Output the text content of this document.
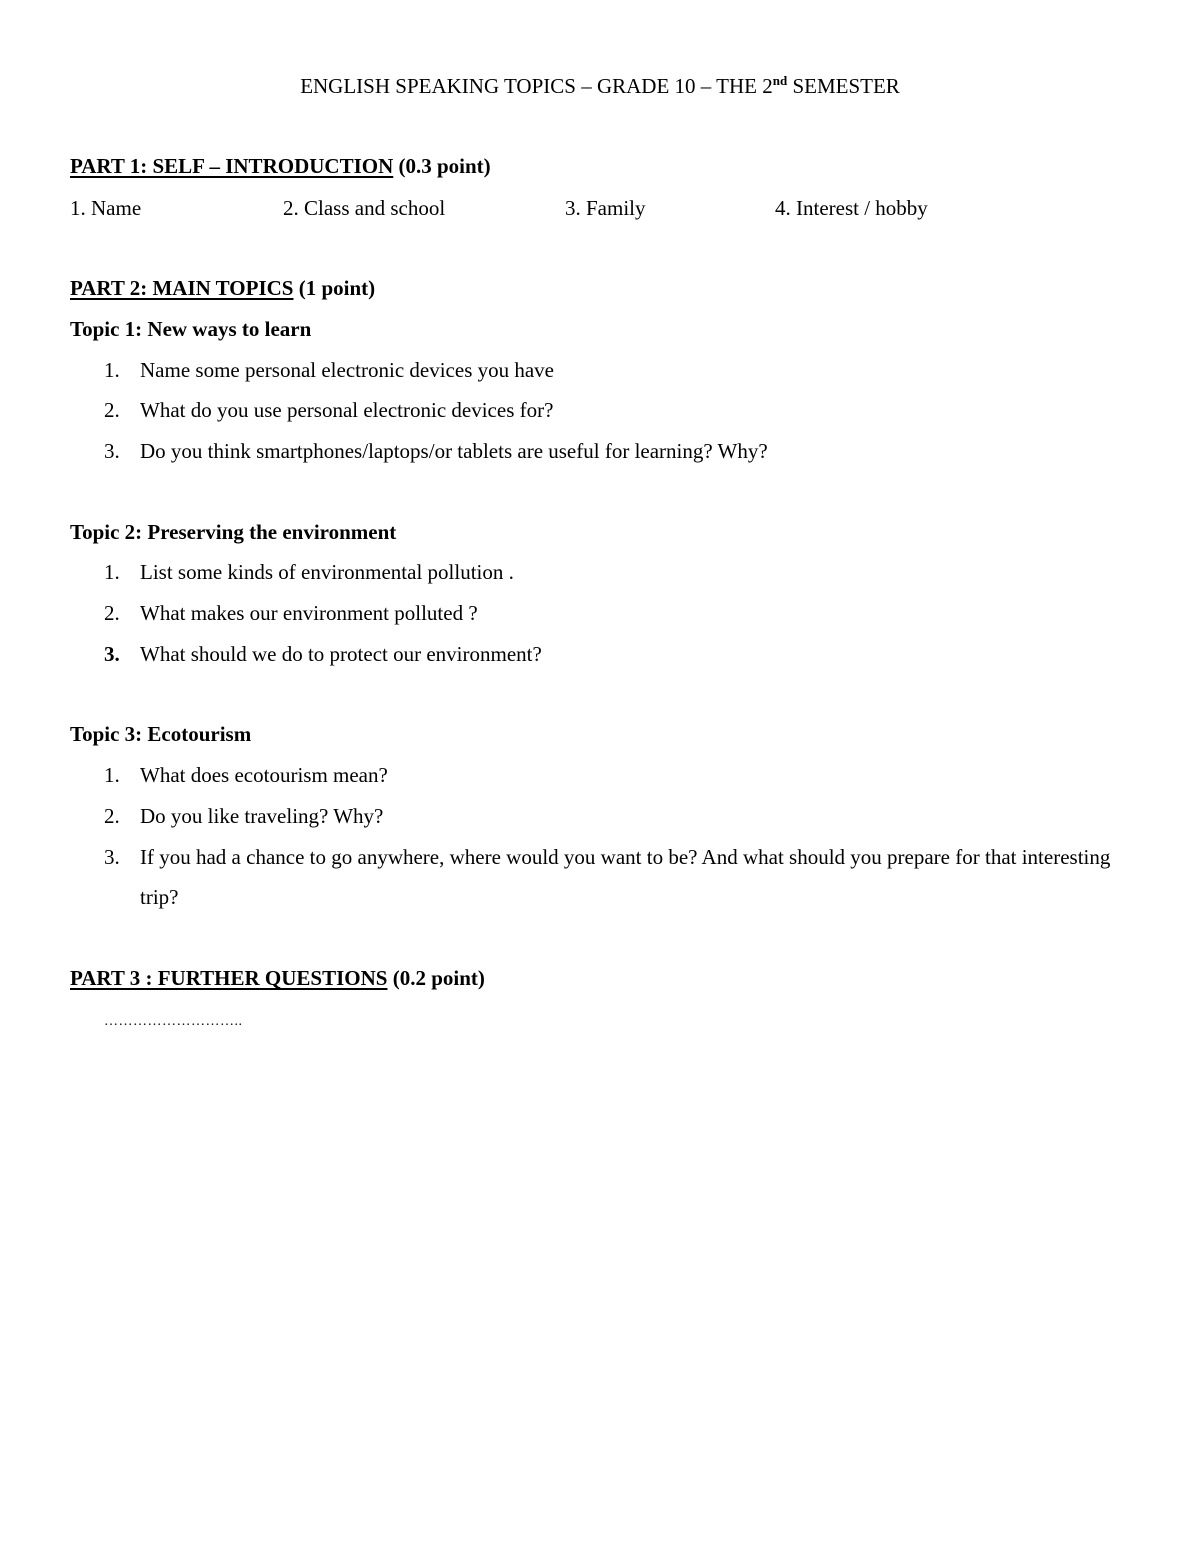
ENGLISH SPEAKING TOPICS – GRADE 10 – THE 2nd SEMESTER
PART 1: SELF – INTRODUCTION (0.3 point)
1. Name	2. Class and school	3. Family	4. Interest / hobby
PART 2: MAIN TOPICS (1 point)
Topic 1: New ways to learn
1. Name some personal electronic devices you have
2. What do you use personal electronic devices for?
3. Do you think smartphones/laptops/or tablets are useful for learning? Why?
Topic 2: Preserving the environment
1. List some kinds of environmental pollution .
2. What makes our environment polluted ?
3. What should we do to protect our environment?
Topic 3: Ecotourism
1. What does ecotourism mean?
2. Do you like traveling? Why?
3. If you had a chance to go anywhere, where would you want to be? And what should you prepare for that interesting trip?
PART 3 : FURTHER QUESTIONS (0.2 point)
………………………..
